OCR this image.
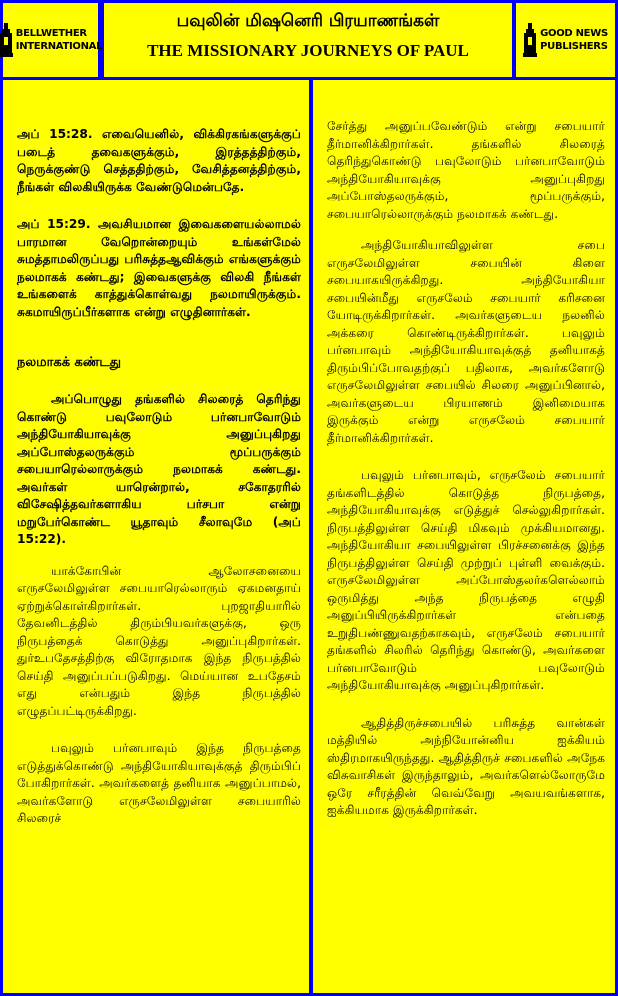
BELLWETHER
INTERNATIONAL
பவுலின் மிஷனெரி பிரயாணங்கள்
THE MISSIONARY JOURNEYS OF PAUL
GOOD NEWS
PUBLISHERS

அப் 15:28. எவையெனில், விக்கிரகங்களுக்குப் படைத் தவைகளுக்கும், இரத்தத்திற்கும், நெருக்குண்டு செத்ததிற்கும், வேசித்தனத்திற்கும், நீங்கள் விலகியிருக்க வேண்டுமென்பதே.

அப் 15:29. அவசியமான இவைகளையல்லாமல் பாரமான வேறொன்றையும் உங்கள்மேல் சுமத்தாமலிருப்பது பரிசுத்தஆவிக்கும் எங்களுக்கும் நலமாகக் கண்டது; இவைகளுக்கு விலகி நீங்கள் உங்களைக் காத்துக்கொள்வது நலமாயிருக்கும். சுகமாயிருப்பீர்களாக என்று எழுதினார்கள்.

நலமாகக் கண்டது

அப்பொழுது தங்களில் சிலரைத் தெரிந்து கொண்டு பவுலோடும் பர்னபாவோடும் அந்தியோகியாவுக்கு அனுப்புகிறது அப்போஸ்தலருக்கும் மூப்பருக்கும் சபையாரெல்லாருக்கும் நலமாகக் கண்டது. அவர்கள் யாரென்றால், சகோதரரில் விசேஷித்தவர்களாகிய பர்சபா என்று மறுபேர்கொண்ட யூதாவும் சீலாவுமே (அப் 15:22).

யாக்கோபின் ஆலோசனையை எருசலேமிலுள்ள சபையாரெல்லாரும் ஏகமனதாய் ஏற்றுக்கொள்கிறார்கள். புறஜாதியாரில் தேவனிடத்தில் திரும்பியவர்களுக்கு, ஒரு நிருபத்தைக் கொடுத்து அனுப்புகிறார்கள். துர்உபதேசத்திற்கு விரோதமாக இந்த நிருபத்தில் செய்தி அனுப்பப்படுகிறது. மெய்யான உபதேசம் எது என்பதும் இந்த நிருபத்தில் எழுதப்பட்டிருக்கிறது.

பவுலும் பர்னபாவும் இந்த நிருபத்தை எடுத்துக்கொண்டு அந்தியோகியாவுக்குத் திரும்பிப் போகிறார்கள். அவர்களைத் தனியாக அனுப்பாமல், அவர்களோடு எருசலேமிலுள்ள சபையாரில் சிலரைச்

சேர்த்து அனுப்பவேண்டும் என்று சபையார் தீர்மானிக்கிறார்கள். தங்களில் சிலரைத் தெரிந்துகொண்டு பவுலோடும் பர்னபாவோடும் அந்தியோகியாவுக்கு அனுப்புகிறது அப்போஸ்தலருக்கும், மூப்பருக்கும், சபையாரெல்லாருக்கும் நலமாகக் கண்டது.

அந்தியோகியாவிலுள்ள சபை எருசலேமிலுள்ள சபையின் கிளை சபையாகயிருக்கிறது. அந்தியோகியா சபையின்மீது எருசலேம் சபையார் கரிசனை யோடிருக்கிறார்கள். அவர்களுடைய நலனில் அக்கரை கொண்டிருக்கிறார்கள். பவுலும் பர்னபாவும் அந்தியோகியாவுக்குத் தனியாகத் திரும்பிப்போவதற்குப் பதிலாக, அவர்களோடு எருசலேமிலுள்ள சபையில் சிலரை அனுப்பினால், அவர்களுடைய பிரயாணம் இனிமையாக இருக்கும் என்று எருசலேம் சபையார் தீர்மானிக்கிறார்கள்.

பவுலும் பர்னபாவும், எருசலேம் சபையார் தங்களிடத்தில் கொடுத்த நிருபத்தை, அந்தியோகியாவுக்கு எடுத்துச் செல்லுகிறார்கள். நிருபத்திலுள்ள செய்தி மிகவும் முக்கியமானது. அந்தியோகியா சபையிலுள்ள பிரச்சனைக்கு இந்த நிருபத்திலுள்ள செய்தி முற்றுப் புள்ளி வைக்கும். எருசலேமிலுள்ள அப்போஸ்தலர்களெல்லாம் ஒருமித்து அந்த நிருபத்தை எழுதி அனுப்பியிருக்கிறார்கள் என்பதை உறுதிபண்ணுவதற்காகவும், எருசலேம் சபையார் தங்களில் சிலரில் தெரிந்து கொண்டு, அவர்களை பர்னபாவோடும் பவுலோடும் அந்தியோகியாவுக்கு அனுப்புகிறார்கள்.

ஆதித்திருச்சபையில் பரிசுத்த வான்கள் மத்தியில் அந்நியோன்னிய ஐக்கியம் ஸ்திரமாகயிருந்தது. ஆதித்திருச் சபைகளில் அநேக விசுவாசிகள் இருந்தாலும், அவர்களெல்லோருமே ஒரே சரீரத்தின் வெவ்வேறு அவயவங்களாக, ஐக்கியமாக இருக்கிறார்கள்.
